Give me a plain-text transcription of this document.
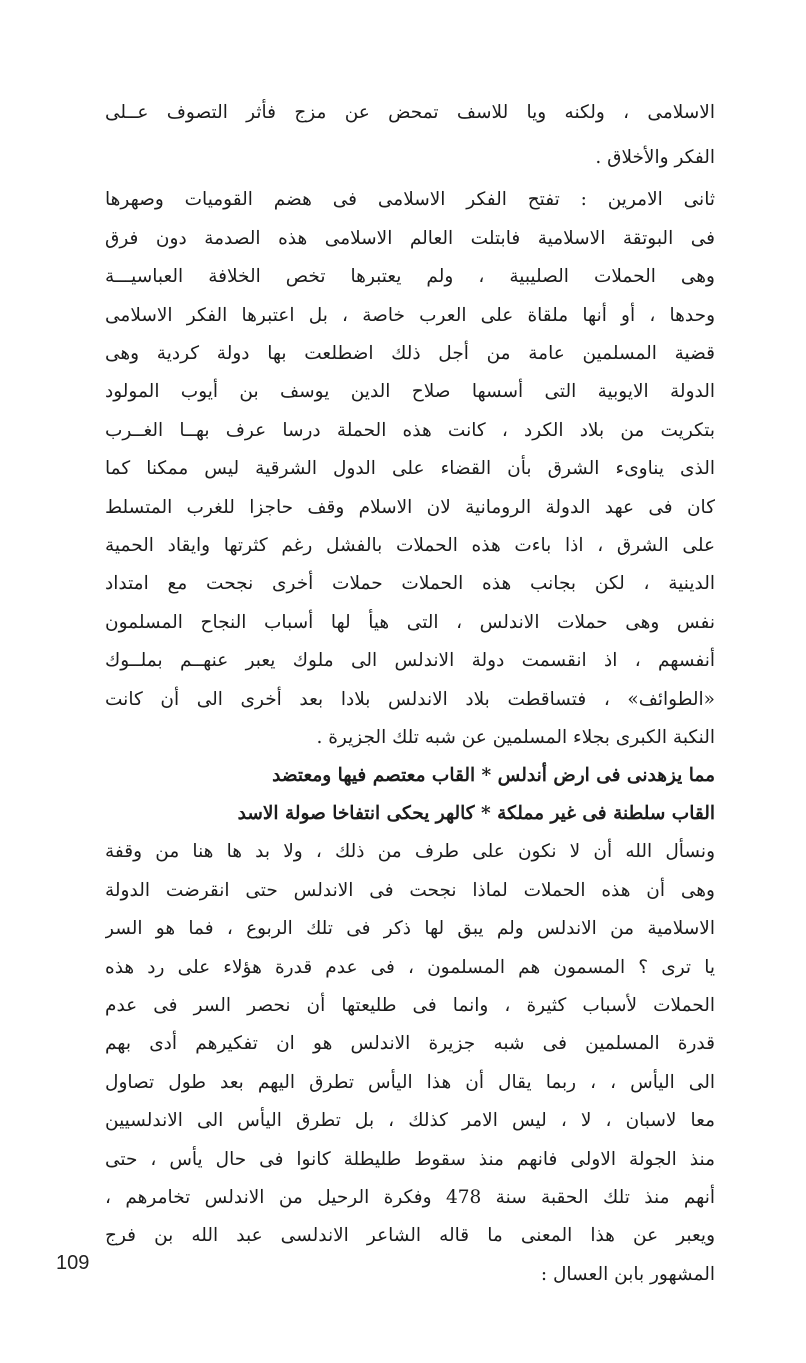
الاسلامى ، ولكنه ويا للاسف تمحض عن مزج فأثر التصوف عــلى
الفكر والأخلاق .
ثانى الامرين : تفتح الفكر الاسلامى فى هضم القوميات وصهرها
فى البوتقة الاسلامية فابتلت العالم الاسلامى هذه الصدمة دون فرق
وهى الحملات الصليبية ، ولم يعتبرها تخص الخلافة العباسيـــة
وحدها ، أو أنها ملقاة على العرب خاصة ، بل اعتبرها الفكر الاسلامى
قضية المسلمين عامة من أجل ذلك اضطلعت بها دولة كردية وهى
الدولة الايوبية التى أسسها صلاح الدين يوسف بن أيوب المولود
بتكريت من بلاد الكرد ، كانت هذه الحملة درسا عرف بهــا الغــرب
الذى يناوىء الشرق بأن القضاء على الدول الشرقية ليس ممكنا كما
كان فى عهد الدولة الرومانية لان الاسلام وقف حاجزا للغرب المتسلط
على الشرق ، اذا باءت هذه الحملات بالفشل رغم كثرتها وايقاد الحمية
الدينية ، لكن بجانب هذه الحملات حملات أخرى نجحت مع امتداد
نفس وهى حملات الاندلس ، التى هيأ لها أسباب النجاح المسلمون
أنفسهم ، اذ انقسمت دولة الاندلس الى ملوك يعبر عنهــم بملــوك
«الطوائف» ، فتساقطت بلاد الاندلس بلادا بعد أخرى الى أن كانت
النكبة الكبرى بجلاء المسلمين عن شبه تلك الجزيرة .
مما يزهدنى فى ارض أندلس * القاب معتصم فيها ومعتضد
القاب سلطنة فى غير مملكة * كالهر يحكى انتفاخا صولة الاسد
ونسأل الله أن لا نكون على طرف من ذلك ، ولا بد ها هنا من وقفة
وهى أن هذه الحملات لماذا نجحت فى الاندلس حتى انقرضت الدولة
الاسلامية من الاندلس ولم يبق لها ذكر فى تلك الربوع ، فما هو السر
يا ترى ؟ المسمون هم المسلمون ، فى عدم قدرة هؤلاء على رد هذه
الحملات لأسباب كثيرة ، وانما فى طليعتها أن نحصر السر فى عدم
قدرة المسلمين فى شبه جزيرة الاندلس هو ان تفكيرهم أدى بهم
الى اليأس ، ، ربما يقال أن هذا اليأس تطرق اليهم بعد طول تصاول
معا لاسبان ، لا ، ليس الامر كذلك ، بل تطرق اليأس الى الاندلسيين
منذ الجولة الاولى فانهم منذ سقوط طليطلة كانوا فى حال يأس ، حتى
أنهم منذ تلك الحقبة سنة 478 وفكرة الرحيل من الاندلس تخامرهم ،
ويعبر عن هذا المعنى ما قاله الشاعر الاندلسى عبد الله بن فرج
المشهور بابن العسال :
109
